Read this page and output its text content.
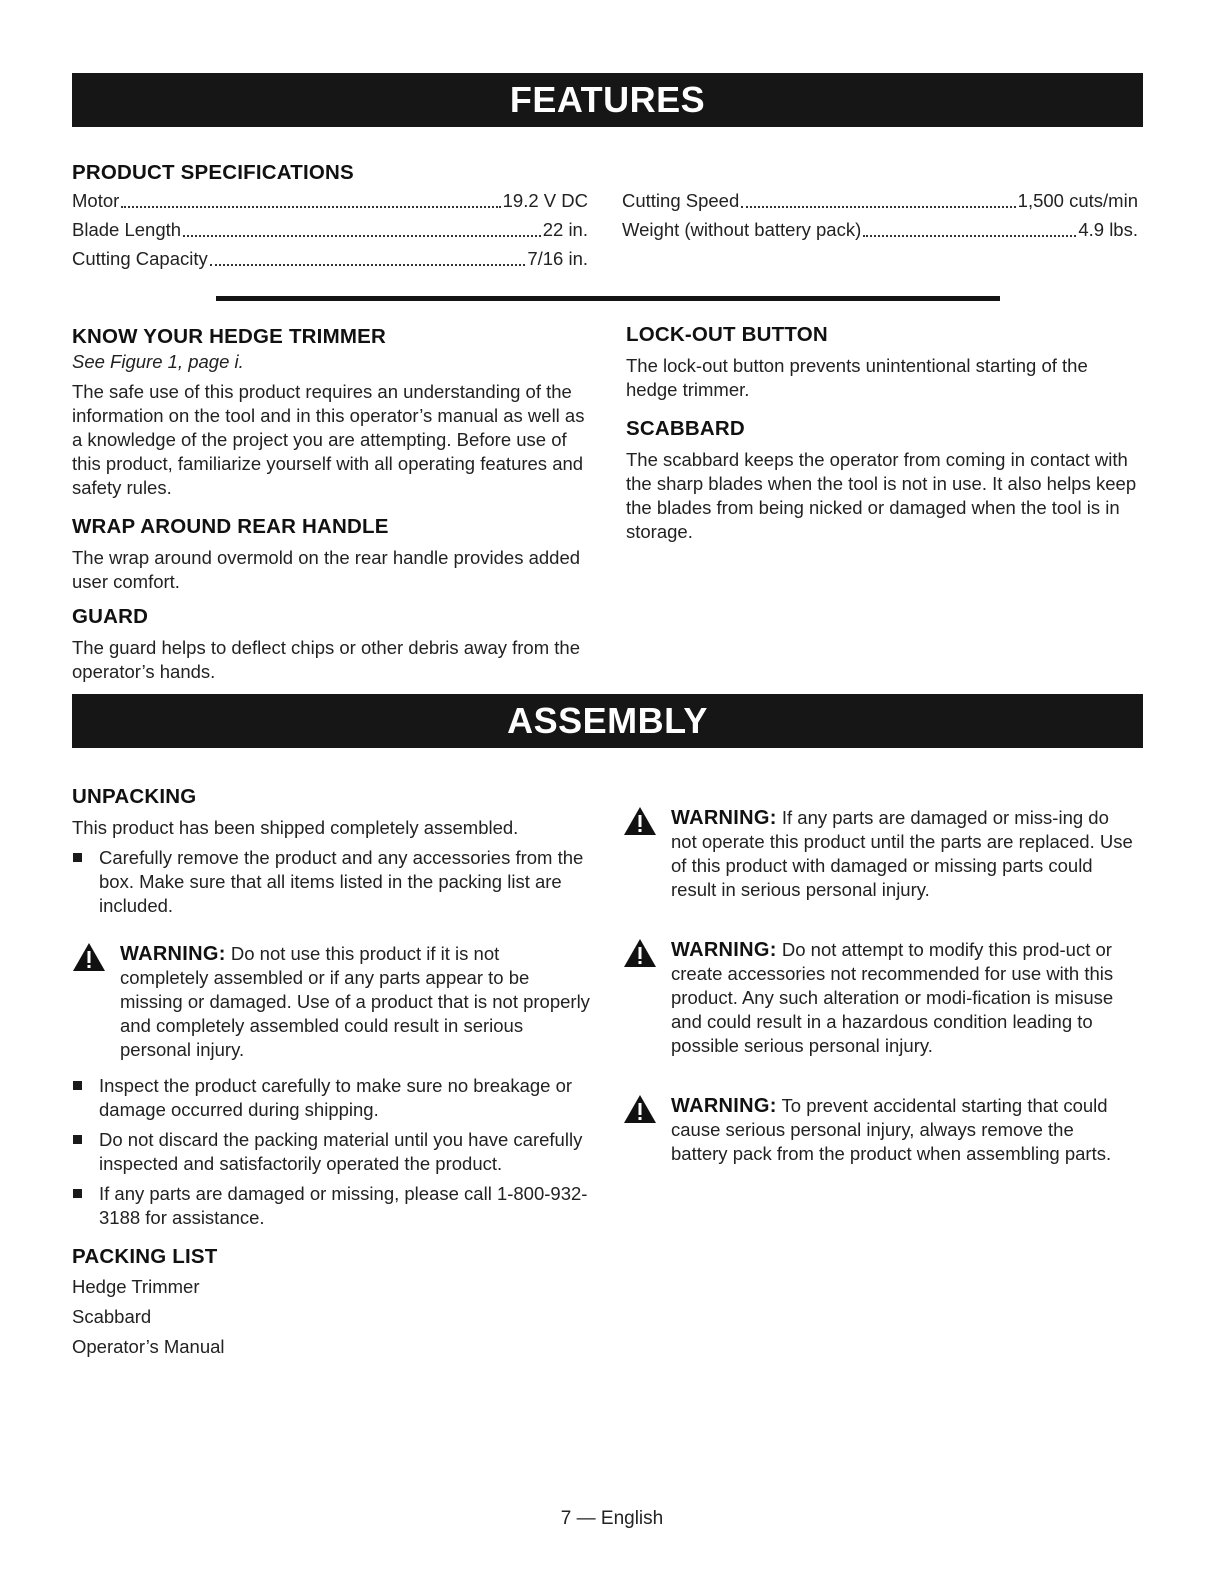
FEATURES
PRODUCT SPECIFICATIONS
Motor	19.2 V DC
Blade Length	22 in.
Cutting Capacity	7/16 in.
Cutting Speed	1,500 cuts/min
Weight (without battery pack)	4.9 lbs.
KNOW YOUR HEDGE TRIMMER

See Figure 1, page i.

The safe use of this product requires an understanding of the information on the tool and in this operator’s manual as well as a knowledge of the project you are attempting. Before use of this product, familiarize yourself with all operating features and safety rules.

WRAP AROUND REAR HANDLE

The wrap around overmold on the rear handle provides added user comfort.

GUARD

The guard helps to deflect chips or other debris away from the operator’s hands.

LOCK-OUT BUTTON

The lock-out button prevents unintentional starting of the hedge trimmer.

SCABBARD

The scabbard keeps the operator from coming in contact with the sharp blades when the tool is not in use. It also helps keep the blades from being nicked or damaged when the tool is in storage.

ASSEMBLY
UNPACKING

This product has been shipped completely assembled.

Carefully remove the product and any accessories from the box. Make sure that all items listed in the packing list are included.

WARNING: Do not use this product if it is not completely assembled or if any parts appear to be missing or damaged. Use of a product that is not properly and completely assembled could result in serious personal injury.

Inspect the product carefully to make sure no breakage or damage occurred during shipping.
Do not discard the packing material until you have carefully inspected and satisfactorily operated the product.
If any parts are damaged or missing, please call 1-800-932-3188 for assistance.
PACKING LIST

Hedge Trimmer

Scabbard

Operator’s Manual

WARNING: If any parts are damaged or miss-ing do not operate this product until the parts are replaced. Use of this product with damaged or missing parts could result in serious personal injury.

WARNING: Do not attempt to modify this prod-uct or create accessories not recommended for use with this product. Any such alteration or modi-fication is misuse and could result in a hazardous condition leading to possible serious personal injury.

WARNING: To prevent accidental starting that could cause serious personal injury, always remove the battery pack from the product when assembling parts.

7 — English
